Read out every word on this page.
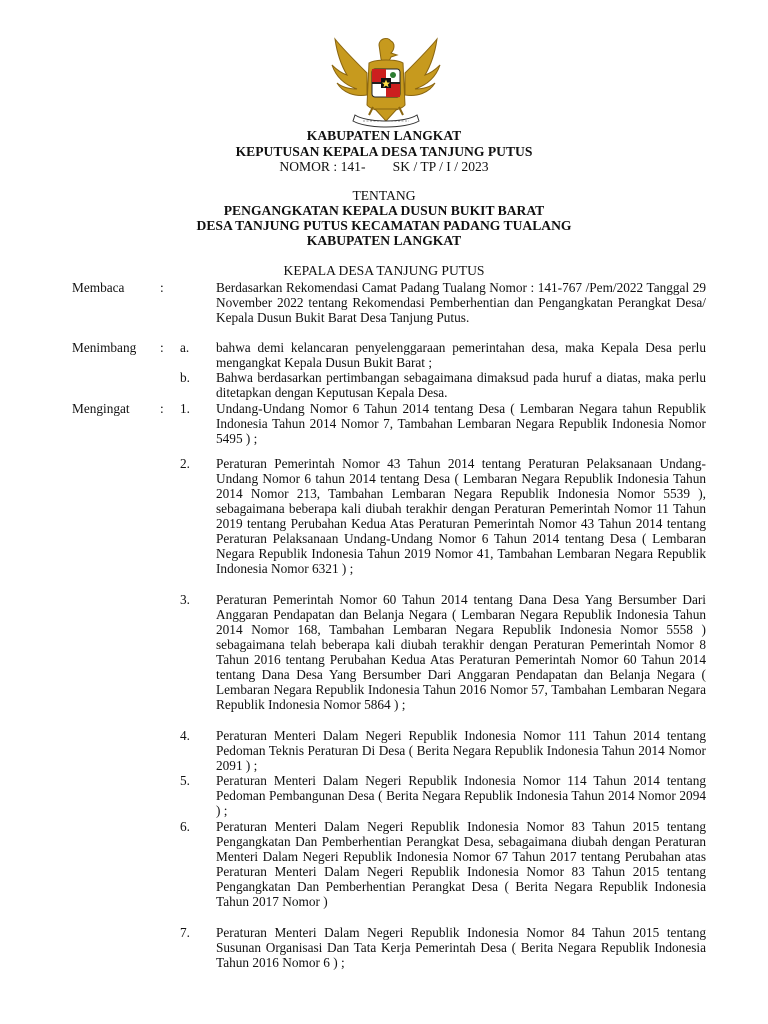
KABUPATEN LANGKAT
KEPUTUSAN KEPALA DESA TANJUNG PUTUS
NOMOR : 141-        SK / TP / I / 2023
TENTANG
PENGANGKATAN KEPALA DUSUN BUKIT BARAT
DESA TANJUNG PUTUS KECAMATAN PADANG TUALANG
KABUPATEN LANGKAT
KEPALA DESA TANJUNG PUTUS
Membaca	:	Berdasarkan Rekomendasi Camat Padang Tualang Nomor : 141-767 /Pem/2022 Tanggal 29 November 2022 tentang Rekomendasi Pemberhentian dan Pengangkatan Perangkat Desa/ Kepala Dusun Bukit Barat Desa Tanjung Putus.
Menimbang : a. bahwa demi kelancaran penyelenggaraan pemerintahan desa, maka Kepala Desa perlu mengangkat Kepala Dusun Bukit Barat ;
b. Bahwa berdasarkan pertimbangan sebagaimana dimaksud pada huruf a diatas, maka perlu ditetapkan dengan Keputusan Kepala Desa.
Mengingat : 1. Undang-Undang Nomor 6 Tahun 2014 tentang Desa ( Lembaran Negara tahun Republik Indonesia Tahun 2014 Nomor 7, Tambahan Lembaran Negara Republik Indonesia Nomor 5495 ) ;
2. Peraturan Pemerintah Nomor 43 Tahun 2014 tentang Peraturan Pelaksanaan Undang-Undang Nomor 6 tahun 2014 tentang Desa ( Lembaran Negara Republik Indonesia Tahun 2014 Nomor 213, Tambahan Lembaran Negara Republik Indonesia Nomor 5539 ), sebagaimana beberapa kali diubah terakhir dengan Peraturan Pemerintah Nomor 11 Tahun 2019 tentang Perubahan Kedua Atas Peraturan Pemerintah Nomor 43 Tahun 2014 tentang Peraturan Pelaksanaan Undang-Undang Nomor 6 Tahun 2014 tentang Desa ( Lembaran Negara Republik Indonesia Tahun 2019 Nomor 41, Tambahan Lembaran Negara Republik Indonesia Nomor 6321 ) ;
3. Peraturan Pemerintah Nomor 60 Tahun 2014 tentang Dana Desa Yang Bersumber Dari Anggaran Pendapatan dan Belanja Negara ( Lembaran Negara Republik Indonesia Tahun 2014 Nomor 168, Tambahan Lembaran Negara Republik Indonesia Nomor 5558 ) sebagaimana telah beberapa kali diubah terakhir dengan Peraturan Pemerintah Nomor 8 Tahun 2016 tentang Perubahan Kedua Atas Peraturan Pemerintah Nomor 60 Tahun 2014 tentang Dana Desa Yang Bersumber Dari Anggaran Pendapatan dan Belanja Negara ( Lembaran Negara Republik Indonesia Tahun 2016 Nomor 57, Tambahan Lembaran Negara Republik Indonesia Nomor 5864 ) ;
4. Peraturan Menteri Dalam Negeri Republik Indonesia Nomor 111 Tahun 2014 tentang Pedoman Teknis Peraturan Di Desa ( Berita Negara Republik Indonesia Tahun 2014 Nomor 2091 ) ;
5. Peraturan Menteri Dalam Negeri Republik Indonesia Nomor 114 Tahun 2014 tentang Pedoman Pembangunan Desa ( Berita Negara Republik Indonesia Tahun 2014 Nomor 2094 ) ;
6. Peraturan Menteri Dalam Negeri Republik Indonesia Nomor 83 Tahun 2015 tentang Pengangkatan Dan Pemberhentian Perangkat Desa, sebagaimana diubah dengan Peraturan Menteri Dalam Negeri Republik Indonesia Nomor 67 Tahun 2017 tentang Perubahan atas Peraturan Menteri Dalam Negeri Republik Indonesia Nomor 83 Tahun 2015 tentang Pengangkatan Dan Pemberhentian Perangkat Desa ( Berita Negara Republik Indonesia Tahun 2017 Nomor )
7. Peraturan Menteri Dalam Negeri Republik Indonesia Nomor 84 Tahun 2015 tentang Susunan Organisasi Dan Tata Kerja Pemerintah Desa ( Berita Negara Republik Indonesia Tahun 2016 Nomor 6 ) ;
